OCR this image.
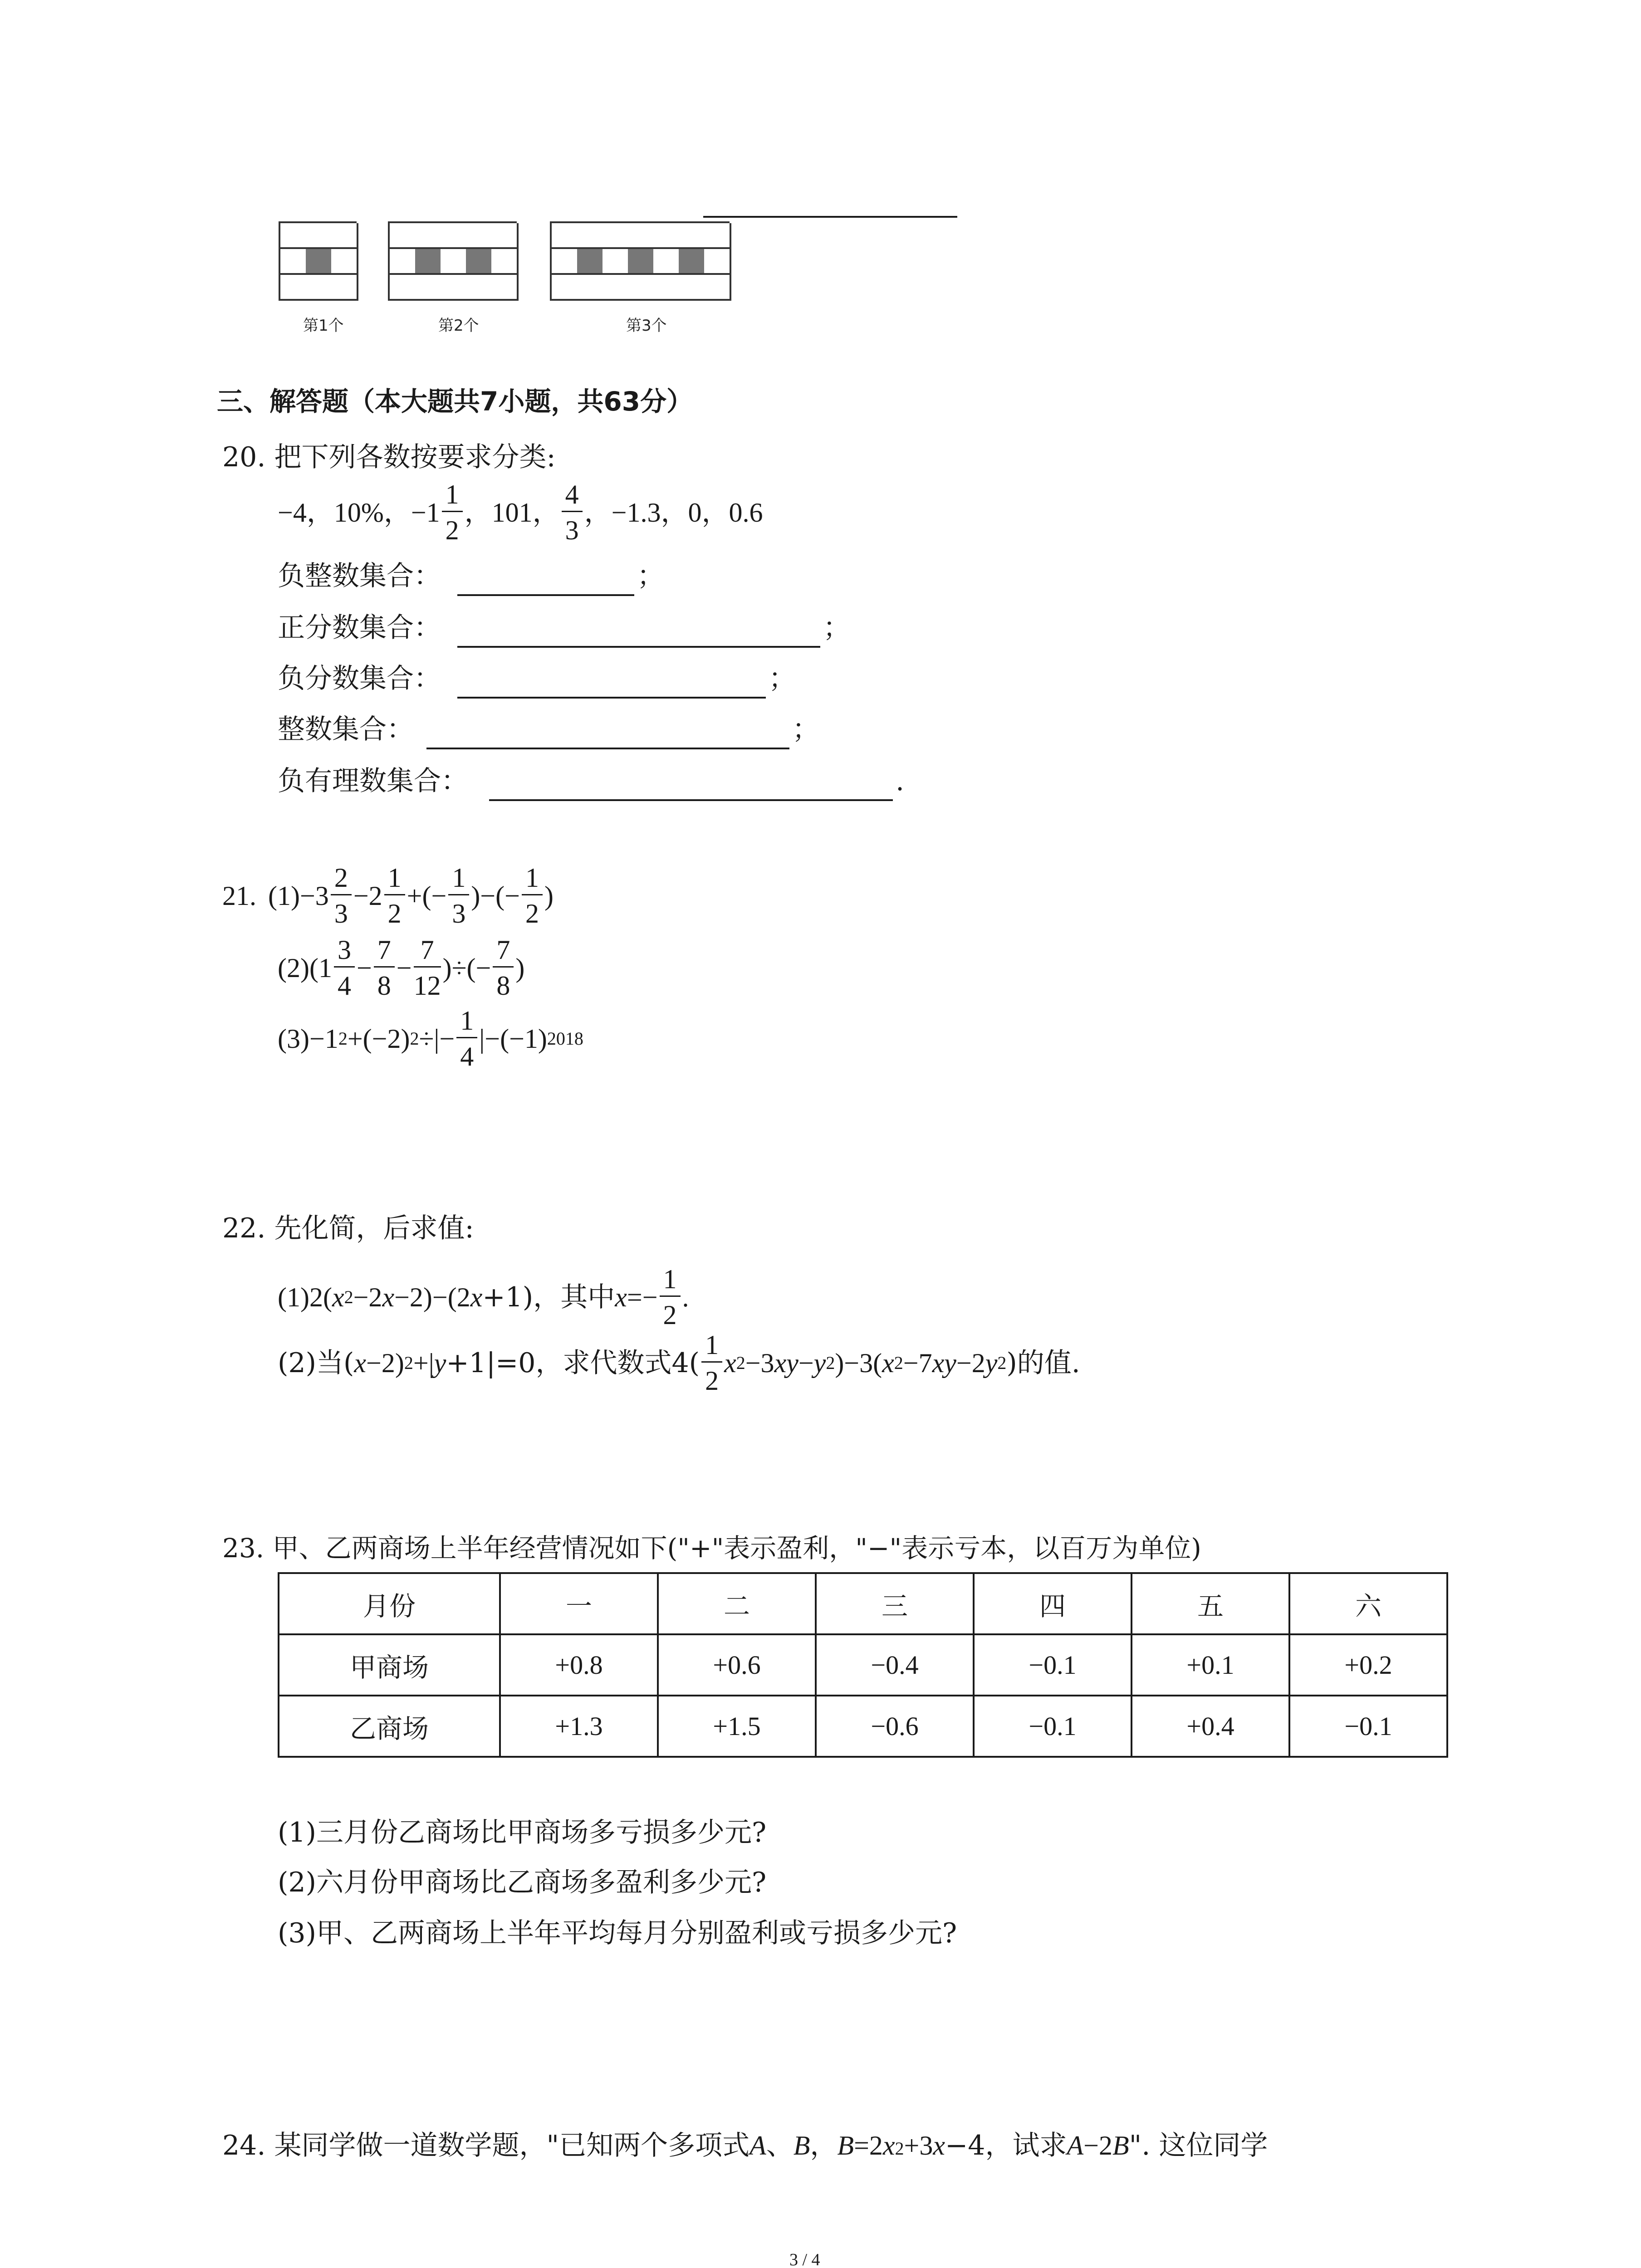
第1个	第2个	第3个
三、解答题（本大题共7小题，共63分）
20. 把下列各数按要求分类:
−4，10%，$-1 \frac{1}{2}$ ，101， $\frac{4}{3}$ ，−1.3，0，0.6
负整数集合：	；
正分数集合：	；
负分数集合：	；
整数集合：	；
负有理数集合：	.
21. $(1)-3 \frac{2}{3} -2 \frac{1}{2}$ +(− $\frac{1}{3}$ )−(− $\frac{1}{2}$ )
$(2)(1 \frac{3}{4} - \frac{7}{8} - \frac{7}{12}$ )÷(− $\frac{7}{8}$ )
(3)−1 2 +(−2) 2 ÷|− $\frac{1}{4} |-(-1)$ 2018
22. 先化简，后求值:
(1)2( x 2 −2 x −2)−(2 x +1)，其中 $x =- \frac{1}{2}$ .
(2)当( x −2) 2 +| y +1|=0，求代数式$4( \frac{1}{2}$ x 2 −3 xy − y 2 )−3( x 2 −7 xy −2 y 2 )的值.
23. 甲、乙两商场上半年经营情况如下("+"表示盈利，"−"表示亏本，以百万为单位)
月份	一	二	三	四	五	六
甲商场	+0.8	+0.6	−0.4	−0.1	+0.1	+0.2
乙商场	+1.3	+1.5	−0.6	−0.1	+0.4	−0.1
(1)三月份乙商场比甲商场多亏损多少元?
(2)六月份甲商场比乙商场多盈利多少元?
(3)甲、乙两商场上半年平均每月分别盈利或亏损多少元?
24. 某同学做一道数学题，"已知两个多项式 A 、 B ， B =2 x 2 +3 x −4，试求 A −2 B ". 这位同学
3 / 4
